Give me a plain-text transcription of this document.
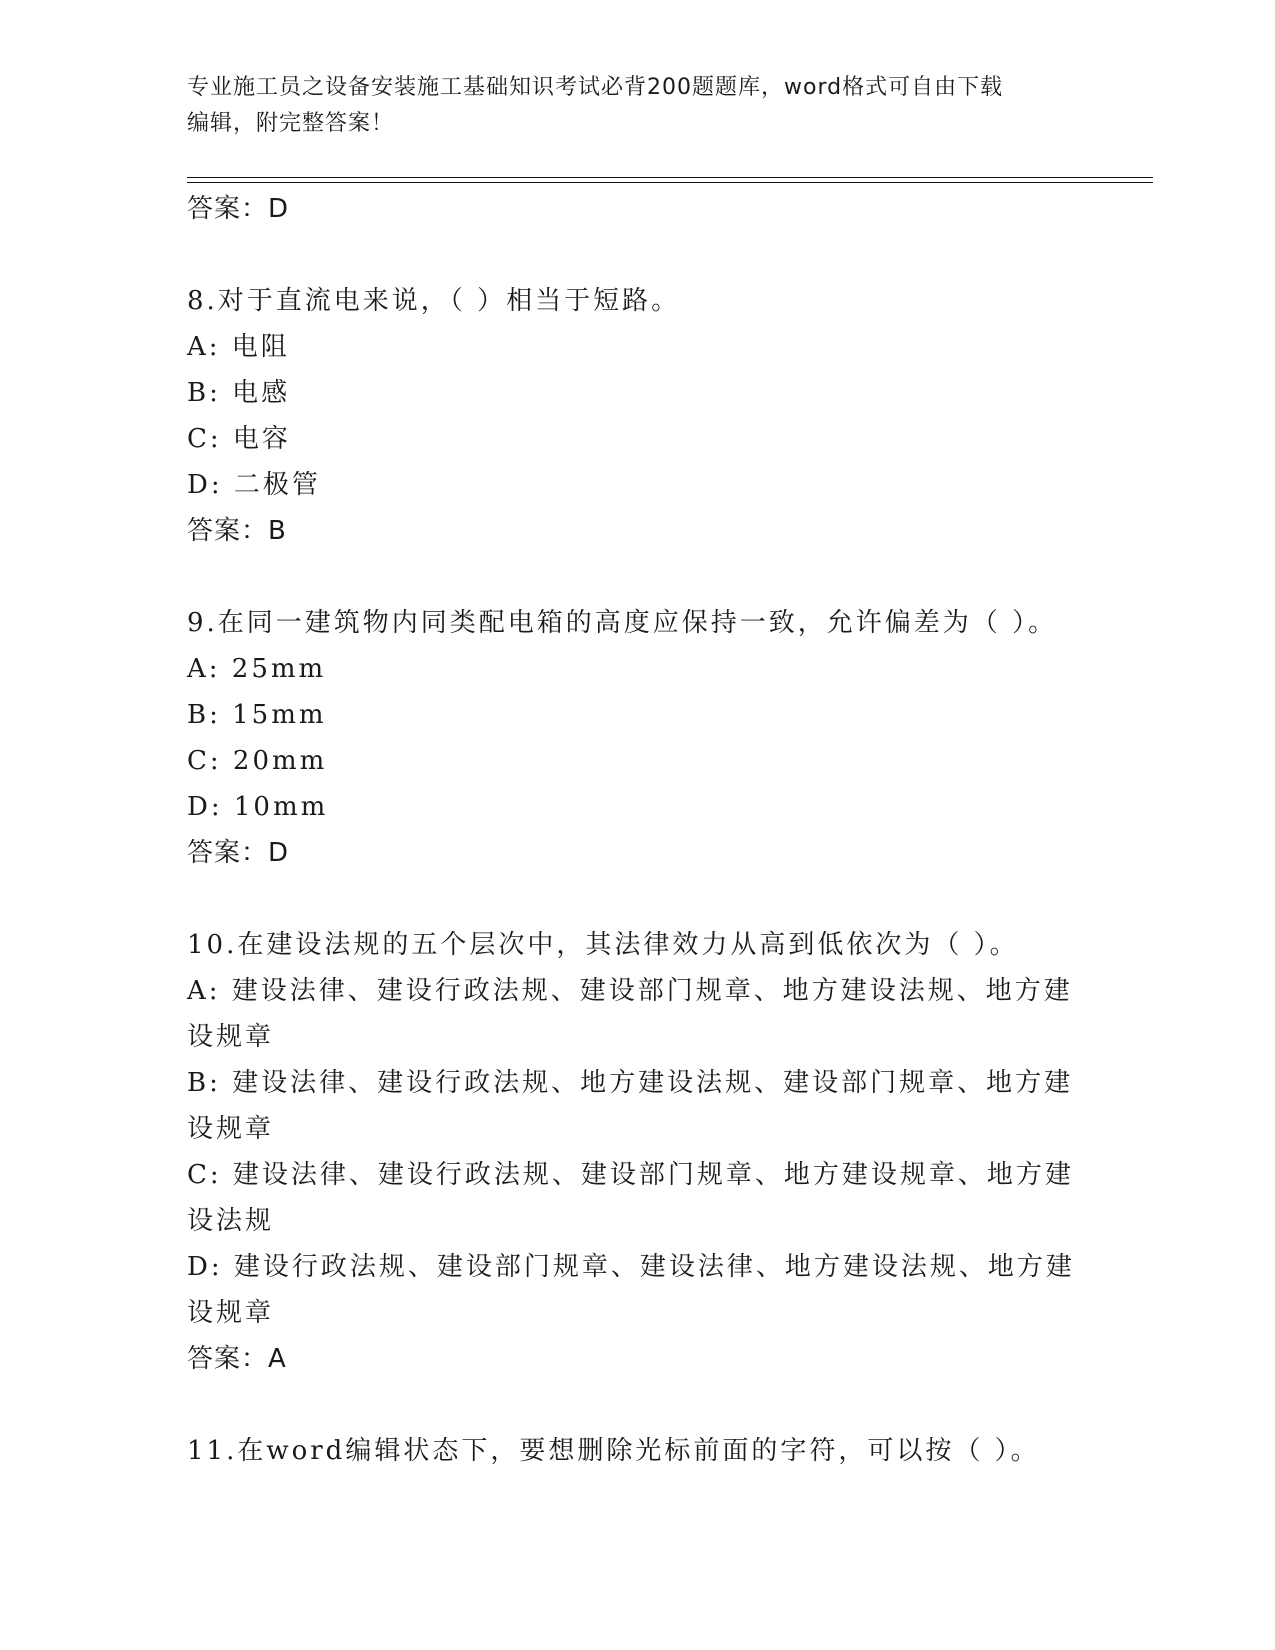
专业施工员之设备安装施工基础知识考试必背200题题库，word格式可自由下载
编辑，附完整答案！

答案：D

8.对于直流电来说，（ ）相当于短路。

A: 电阻

B: 电感

C: 电容

D: 二极管

答案：B

9.在同一建筑物内同类配电箱的高度应保持一致，允许偏差为（ ）。

A: 25mm

B: 15mm

C: 20mm

D: 10mm

答案：D

10.在建设法规的五个层次中，其法律效力从高到低依次为（ ）。

A: 建设法律、建设行政法规、建设部门规章、地方建设法规、地方建设规章

B: 建设法律、建设行政法规、地方建设法规、建设部门规章、地方建设规章

C: 建设法律、建设行政法规、建设部门规章、地方建设规章、地方建设法规

D: 建设行政法规、建设部门规章、建设法律、地方建设法规、地方建设规章

答案：A

11.在word编辑状态下，要想删除光标前面的字符，可以按（ ）。
